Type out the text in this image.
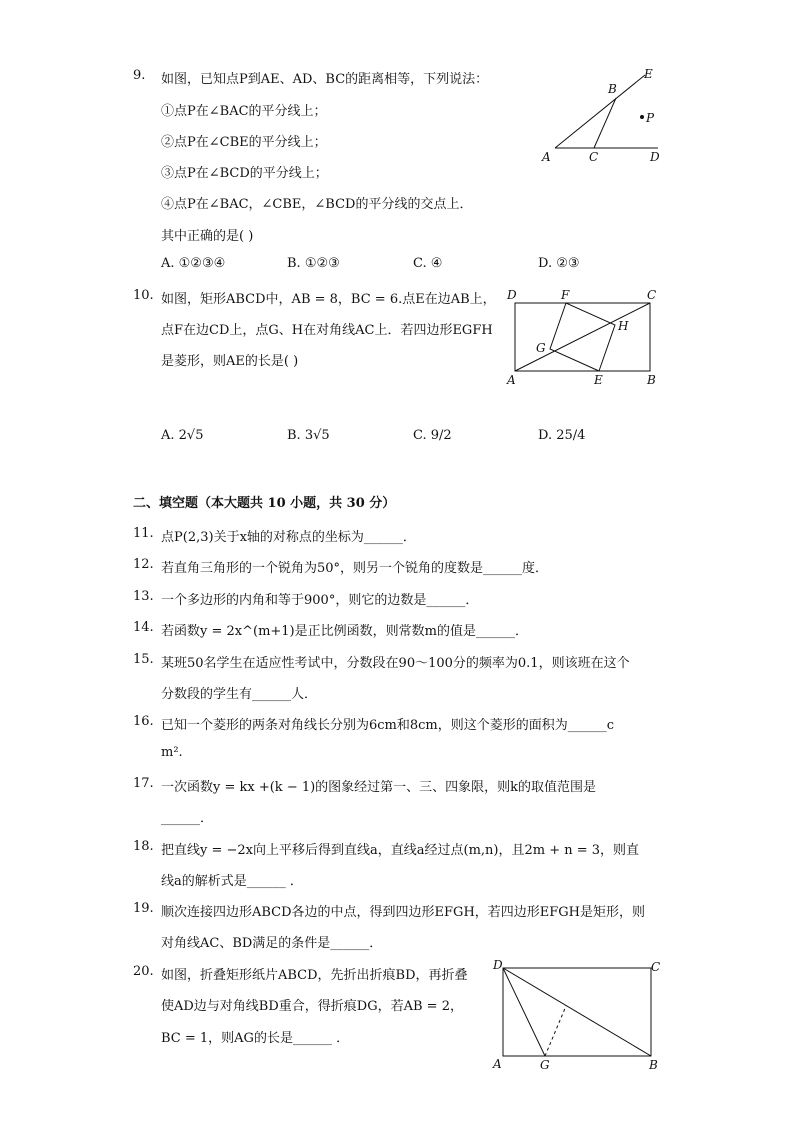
9. 如图，已知点P到AE、AD、BC的距离相等，下列说法：
①点P在∠BAC的平分线上；
②点P在∠CBE的平分线上；
③点P在∠BCD的平分线上；
④点P在∠BAC，∠CBE，∠BCD的平分线的交点上．
其中正确的是( )
A. ①②③④	B. ①②③	C. ④	D. ②③
A
B
C	D
E
P
10. 如图，矩形ABCD中，AB = 8，BC = 6.点E在边AB上，
点F在边CD上，点G、H在对角线AC上．若四边形EGFH
是菱形，则AE的长是( )
A. 2√5	B. 3√5	C. 9/2	D. 25/4
A	B
C
D
E
F
G
H
二、填空题（本大题共 10 小题，共 30 分）
11. 点P(2,3)关于x轴的对称点的坐标为______．
12. 若直角三角形的一个锐角为50°，则另一个锐角的度数是______度．
13. 一个多边形的内角和等于900°，则它的边数是______．
14. 若函数y = 2x^(m+1)是正比例函数，则常数m的值是______．
15. 某班50名学生在适应性考试中，分数段在90～100分的频率为0.1，则该班在这个
分数段的学生有______人．
16. 已知一个菱形的两条对角线长分别为6cm和8cm，则这个菱形的面积为______c
m².
17. 一次函数y = kx +(k − 1)的图象经过第一、三、四象限，则k的取值范围是
______．
18. 把直线y = −2x向上平移后得到直线a，直线a经过点(m,n)，且2m + n = 3，则直
线a的解析式是______ ．
19. 顺次连接四边形ABCD各边的中点，得到四边形EFGH，若四边形EFGH是矩形，则
对角线AC、BD满足的条件是______．
20. 如图，折叠矩形纸片ABCD，先折出折痕BD，再折叠
使AD边与对角线BD重合，得折痕DG，若AB = 2，
BC = 1，则AG的长是______ ．
D	C
A	G	B
